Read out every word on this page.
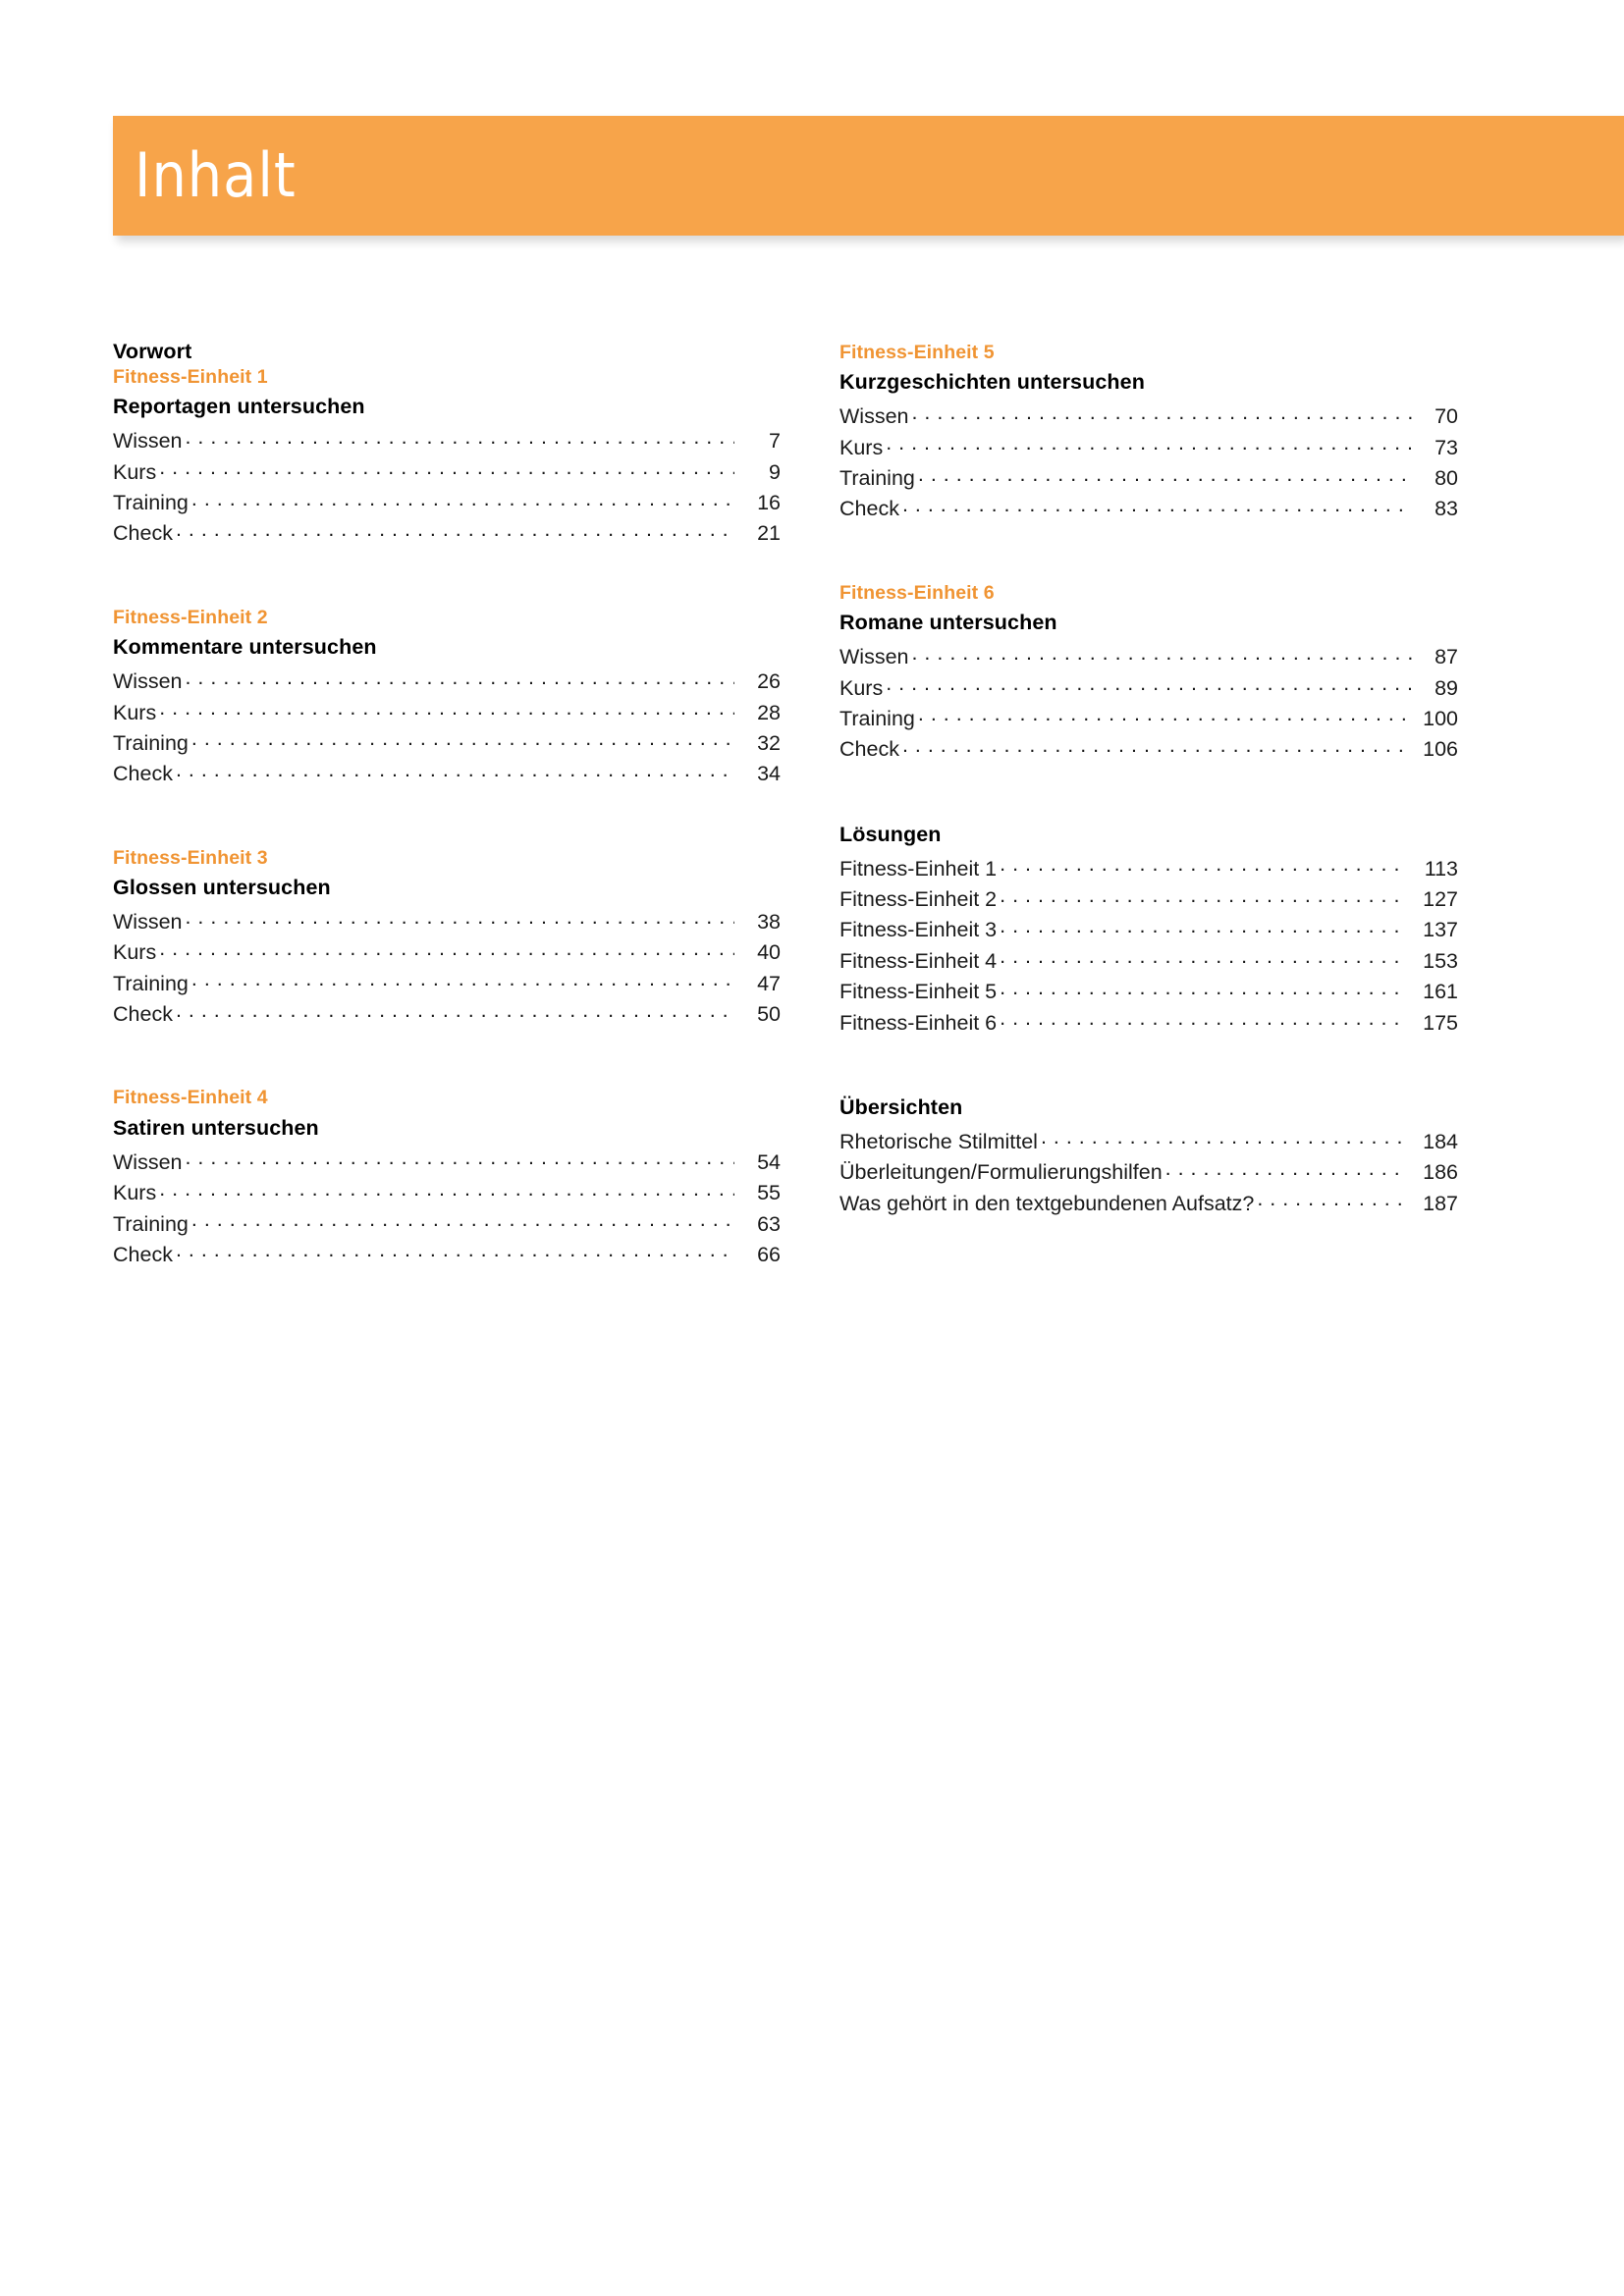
Inhalt
Vorwort
Fitness-Einheit 1
Reportagen untersuchen
Wissen . . .	7
Kurs . . .	9
Training . . .	16
Check . . .	21
Fitness-Einheit 2
Kommentare untersuchen
Wissen . . .	26
Kurs . . .	28
Training . . .	32
Check . . .	34
Fitness-Einheit 3
Glossen untersuchen
Wissen . . .	38
Kurs . . .	40
Training . . .	47
Check . . .	50
Fitness-Einheit 4
Satiren untersuchen
Wissen . . .	54
Kurs . . .	55
Training . . .	63
Check . . .	66
Fitness-Einheit 5
Kurzgeschichten untersuchen
Wissen . . .	70
Kurs . . .	73
Training . . .	80
Check . . .	83
Fitness-Einheit 6
Romane untersuchen
Wissen . . .	87
Kurs . . .	89
Training . . .	100
Check . . .	106
Lösungen
Fitness-Einheit 1 . . .	113
Fitness-Einheit 2 . . .	127
Fitness-Einheit 3 . . .	137
Fitness-Einheit 4 . . .	153
Fitness-Einheit 5 . . .	161
Fitness-Einheit 6 . . .	175
Übersichten
Rhetorische Stilmittel . . .	184
Überleitungen/Formulierungshilfen . . .	186
Was gehört in den textgebundenen Aufsatz? . . .	187
